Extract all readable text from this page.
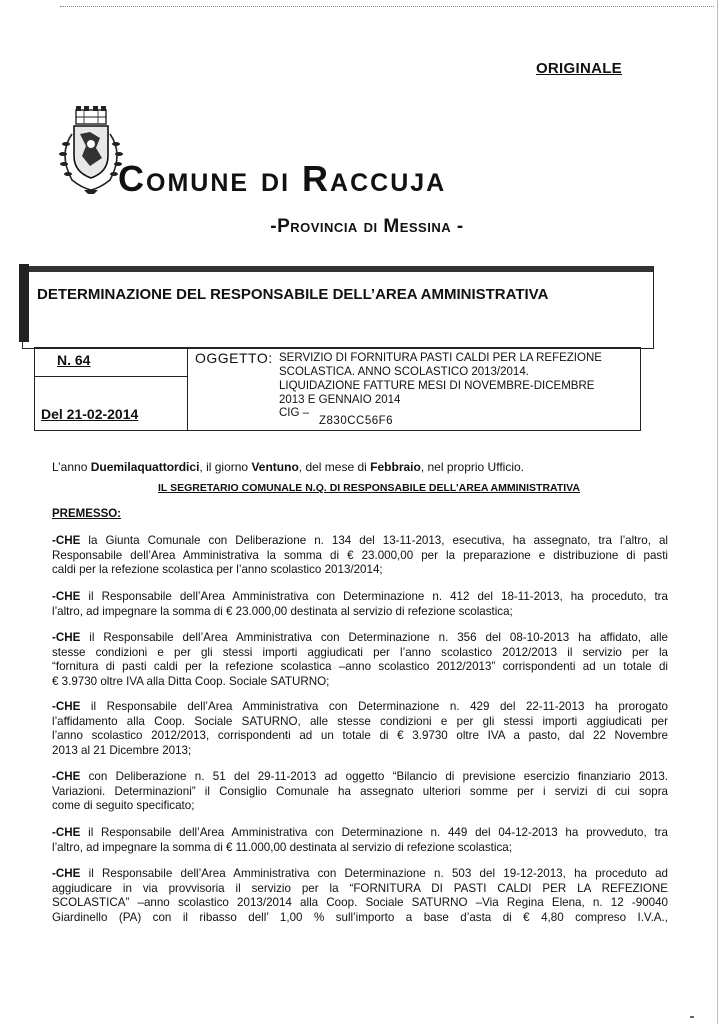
ORIGINALE
Comune di Raccuja
-Provincia di Messina -
DETERMINAZIONE DEL RESPONSABILE DELL’AREA AMMINISTRATIVA
N. 64
Del 21-02-2014
OGGETTO: SERVIZIO DI FORNITURA PASTI CALDI PER LA REFEZIONE
SCOLASTICA. ANNO SCOLASTICO 2013/2014.
LIQUIDAZIONE FATTURE MESI DI NOVEMBRE-DICEMBRE
2013 E GENNAIO 2014
CIG –
Z830CC56F6
L’anno Duemilaquattordici, il giorno Ventuno, del mese di Febbraio, nel proprio Ufficio.
IL SEGRETARIO COMUNALE N.Q. DI RESPONSABILE DELL’AREA AMMINISTRATIVA
PREMESSO:
-CHE la Giunta Comunale con Deliberazione n. 134 del 13-11-2013, esecutiva, ha assegnato, tra l’altro, al
Responsabile dell’Area Amministrativa la somma di € 23.000,00 per la preparazione e distribuzione di pasti
caldi per la refezione scolastica per l’anno scolastico 2013/2014;
-CHE il Responsabile dell’Area Amministrativa con Determinazione n. 412 del 18-11-2013, ha proceduto, tra
l’altro, ad impegnare la somma di € 23.000,00 destinata al servizio di refezione scolastica;
-CHE il Responsabile dell’Area Amministrativa con Determinazione n. 356 del 08-10-2013 ha affidato, alle
stesse condizioni e per gli stessi importi aggiudicati per l’anno scolastico 2012/2013 il servizio per la
“fornitura di pasti caldi per la refezione scolastica –anno scolastico 2012/2013” corrispondenti ad un totale di
€ 3.9730 oltre IVA alla Ditta Coop. Sociale SATURNO;
-CHE il Responsabile dell’Area Amministrativa con Determinazione n. 429 del 22-11-2013 ha prorogato
l’affidamento alla Coop. Sociale SATURNO, alle stesse condizioni e per gli stessi importi aggiudicati per
l’anno scolastico 2012/2013, corrispondenti ad un totale di € 3.9730 oltre IVA a pasto, dal 22 Novembre
2013 al 21 Dicembre 2013;
-CHE con Deliberazione n. 51 del 29-11-2013 ad oggetto “Bilancio di previsione esercizio finanziario 2013.
Variazioni. Determinazioni” il Consiglio Comunale ha assegnato ulteriori somme per i servizi di cui sopra
come di seguito specificato;
-CHE il Responsabile dell’Area Amministrativa con Determinazione n. 449 del 04-12-2013 ha provveduto, tra
l’altro, ad impegnare la somma di € 11.000,00 destinata al servizio di refezione scolastica;
-CHE il Responsabile dell’Area Amministrativa con Determinazione n. 503 del 19-12-2013, ha proceduto ad
aggiudicare in via provvisoria il servizio per la “FORNITURA DI PASTI CALDI PER LA REFEZIONE
SCOLASTICA” –anno scolastico 2013/2014 alla Coop. Sociale SATURNO –Via Regina Elena, n. 12 -90040
Giardinello (PA) con il ribasso dell’ 1,00 % sull’importo a base d’asta di € 4,80 compreso I.V.A.,
